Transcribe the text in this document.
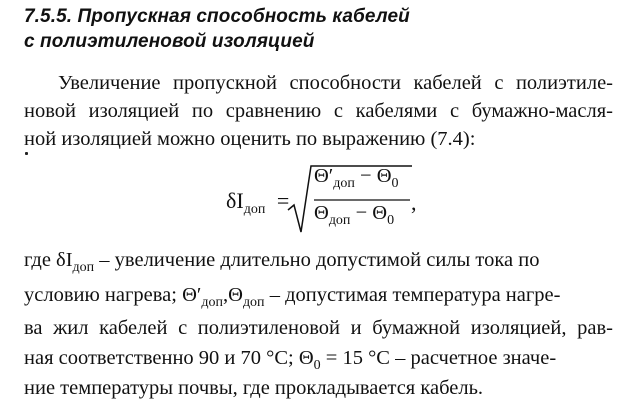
7.5.5. Пропускная способность кабелей
с полиэтиленовой изоляцией
Увеличение пропускной способности кабелей с полиэтиле-
новой изоляцией по сравнению с кабелями с бумажно-масля-
ной изоляцией можно оценить по выражению (7.4):
$\delta I_{доп}$ =
$\Theta'_{доп} - \Theta_0$
$\Theta_{доп} - \Theta_0$
,
где $\delta I_{доп}$ – увеличение длительно допустимой силы тока по
условию нагрева; $\Theta'_{доп},\Theta_{доп}$ – допустимая температура нагре-
ва жил кабелей с полиэтиленовой и бумажной изоляцией, рав-
ная соответственно 90 и 70 °С; $\Theta_0 = 15$ °С – расчетное значе-
ние температуры почвы, где прокладывается кабель.
